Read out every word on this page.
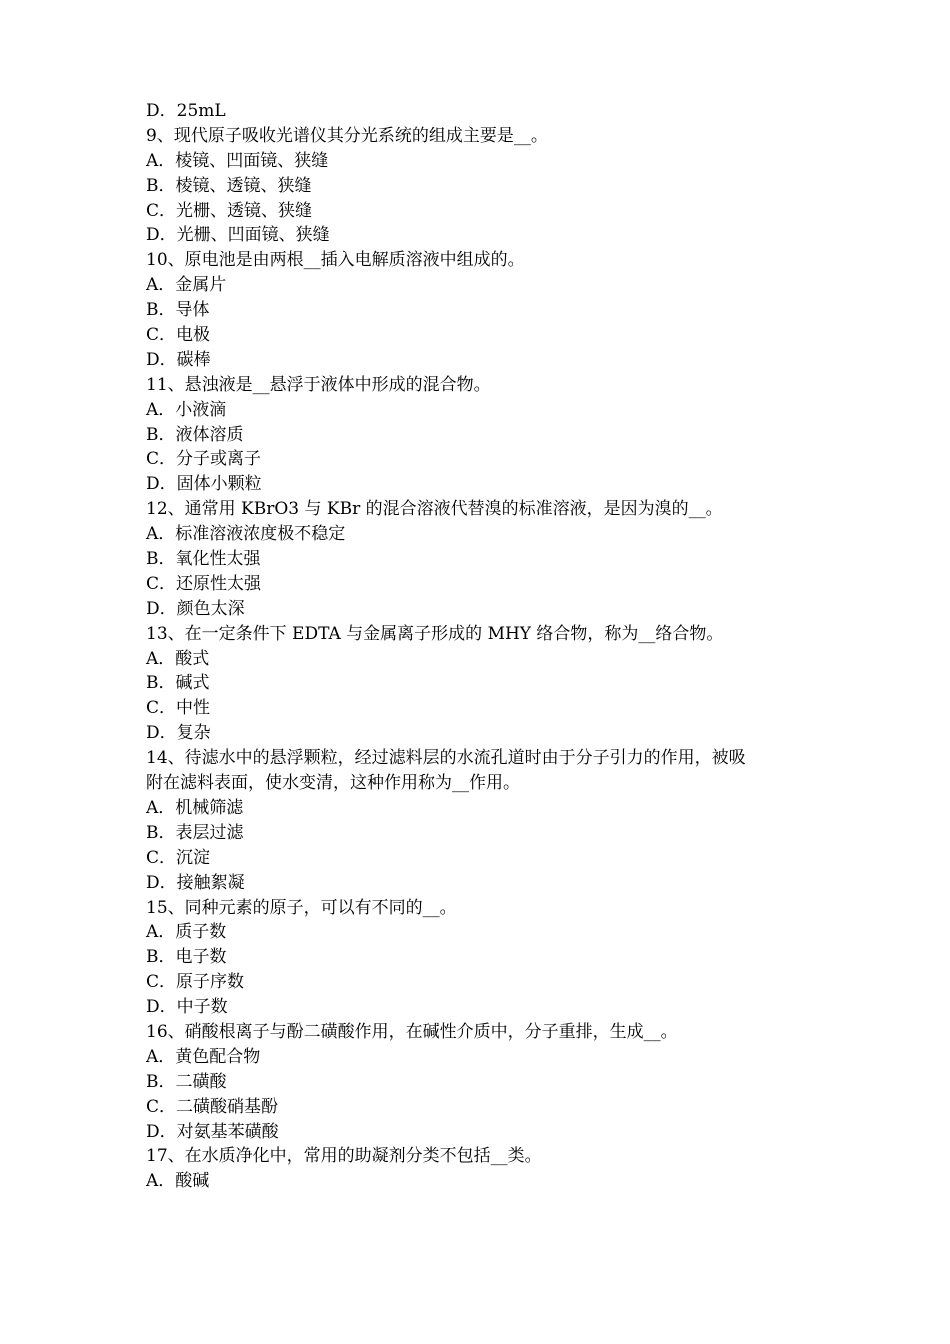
D．25mL
9、现代原子吸收光谱仪其分光系统的组成主要是__。
A．棱镜、凹面镜、狭缝
B．棱镜、透镜、狭缝
C．光栅、透镜、狭缝
D．光栅、凹面镜、狭缝
10、原电池是由两根__插入电解质溶液中组成的。
A．金属片
B．导体
C．电极
D．碳棒
11、悬浊液是__悬浮于液体中形成的混合物。
A．小液滴
B．液体溶质
C．分子或离子
D．固体小颗粒
12、通常用 KBrO3 与 KBr 的混合溶液代替溴的标准溶液，是因为溴的__。
A．标准溶液浓度极不稳定
B．氧化性太强
C．还原性太强
D．颜色太深
13、在一定条件下 EDTA 与金属离子形成的 MHY 络合物，称为__络合物。
A．酸式
B．碱式
C．中性
D．复杂
14、待滤水中的悬浮颗粒，经过滤料层的水流孔道时由于分子引力的作用，被吸
附在滤料表面，使水变清，这种作用称为__作用。
A．机械筛滤
B．表层过滤
C．沉淀
D．接触絮凝
15、同种元素的原子，可以有不同的__。
A．质子数
B．电子数
C．原子序数
D．中子数
16、硝酸根离子与酚二磺酸作用，在碱性介质中，分子重排，生成__。
A．黄色配合物
B．二磺酸
C．二磺酸硝基酚
D．对氨基苯磺酸
17、在水质净化中，常用的助凝剂分类不包括__类。
A．酸碱
